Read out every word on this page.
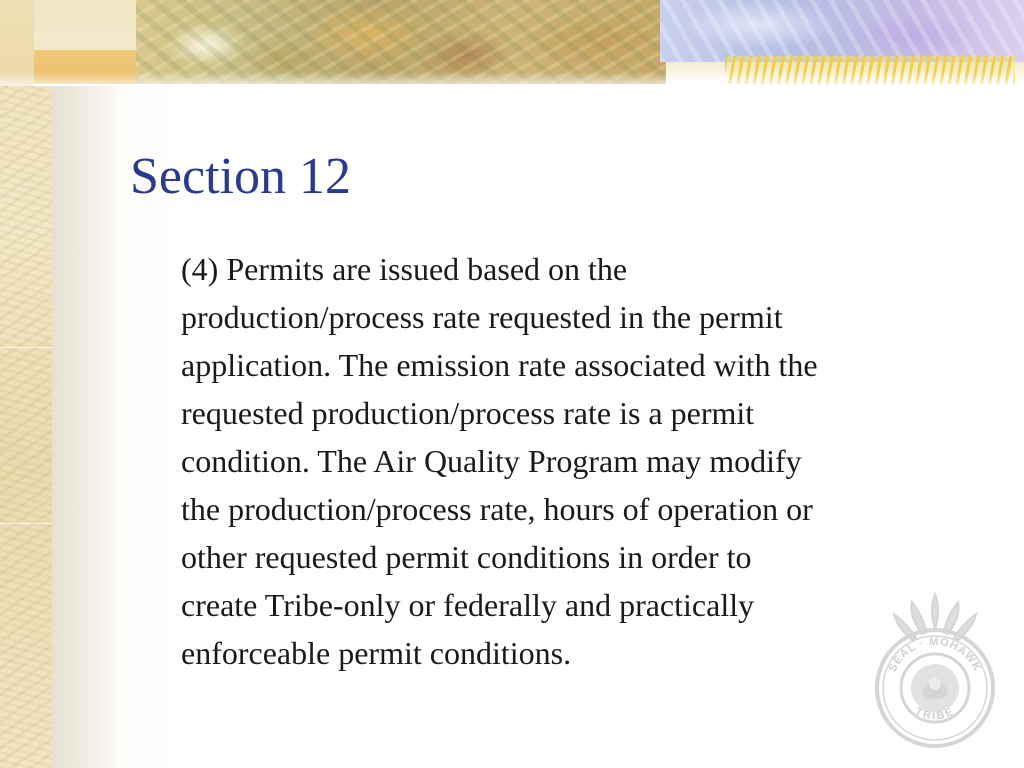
Section 12
(4) Permits are issued based on the
production/process rate requested in the permit
application. The emission rate associated with the
requested production/process rate is a permit
condition. The Air Quality Program may modify
the production/process rate, hours of operation or
other requested permit conditions in order to
create Tribe-only or federally and practically
enforceable permit conditions.	SEAL · MOHAWK
TRIBE
